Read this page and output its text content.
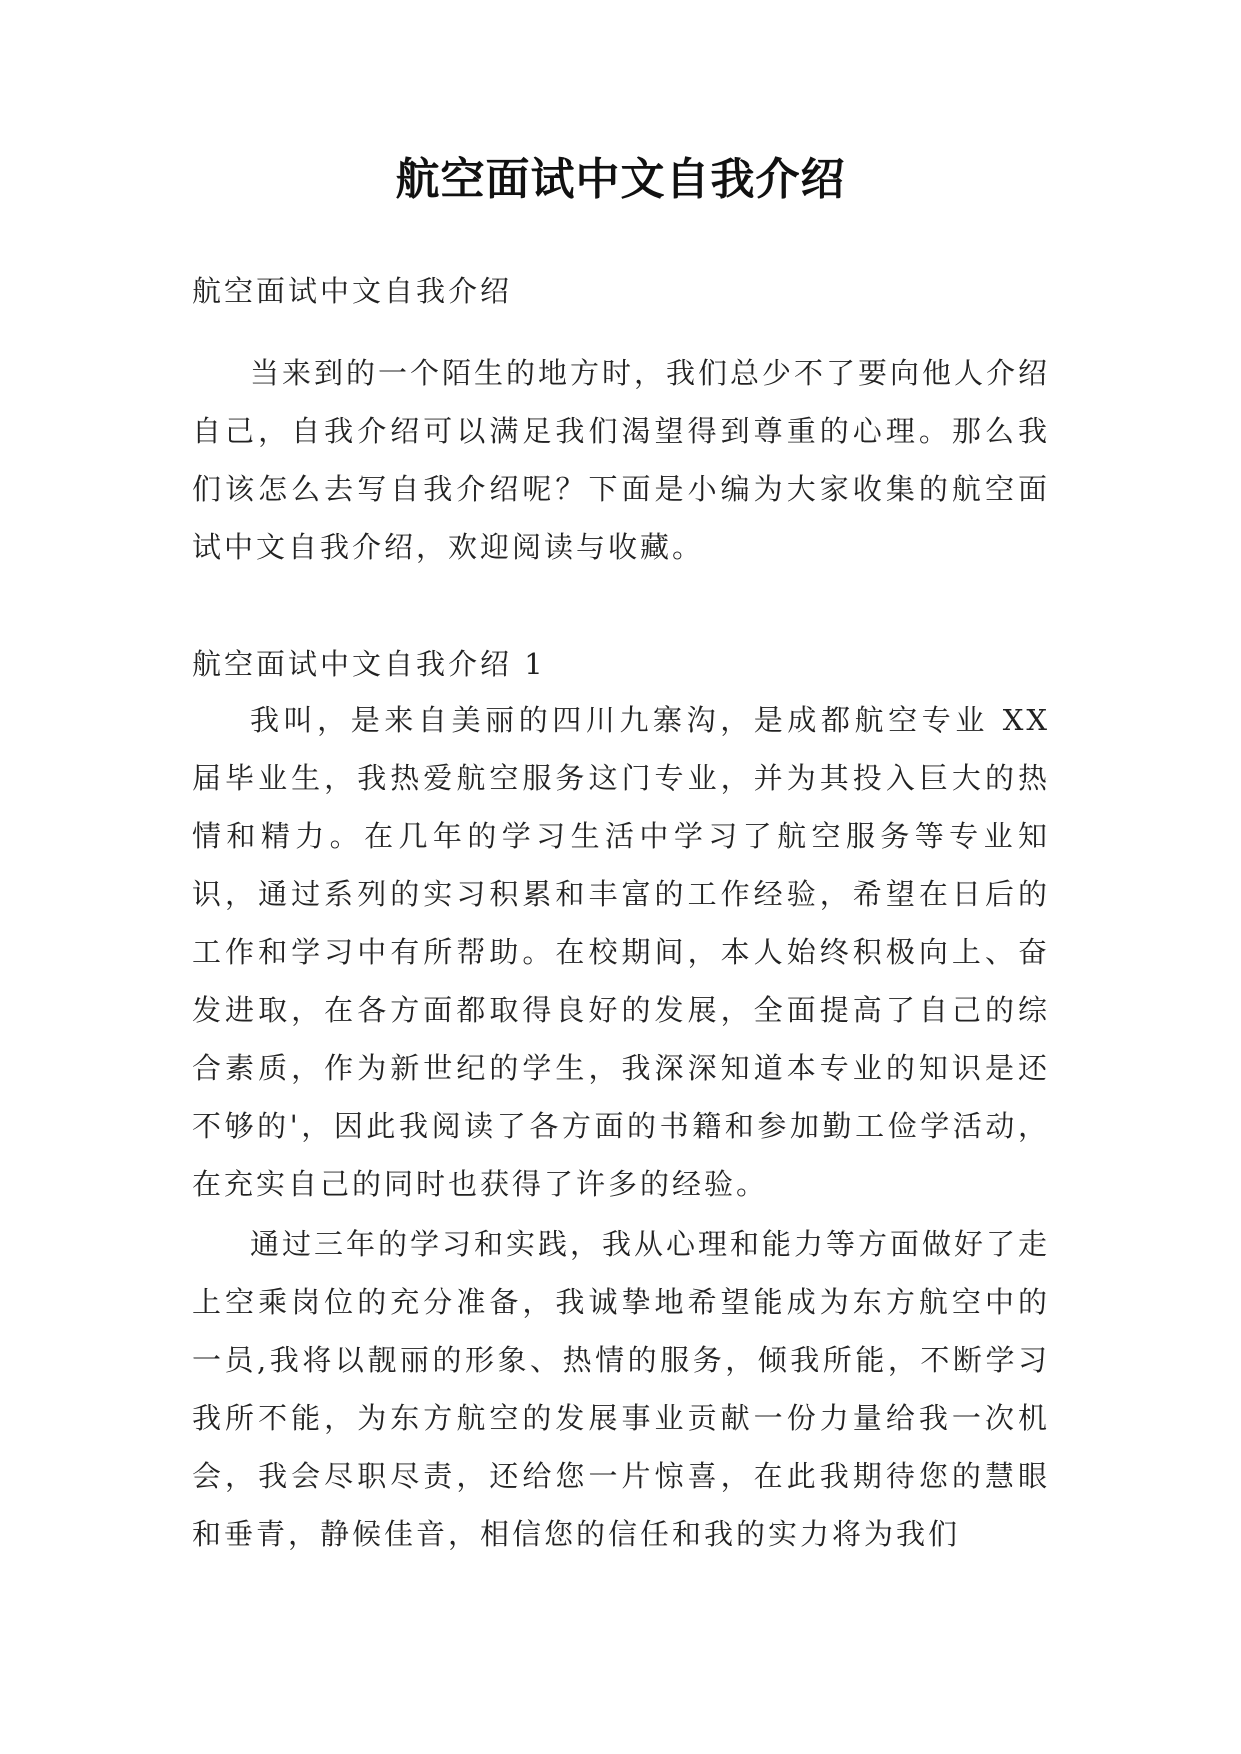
航空面试中文自我介绍

航空面试中文自我介绍

当来到的一个陌生的地方时，我们总少不了要向他人介绍自己，自我介绍可以满足我们渴望得到尊重的心理。那么我们该怎么去写自我介绍呢？下面是小编为大家收集的航空面试中文自我介绍，欢迎阅读与收藏。

航空面试中文自我介绍 1

我叫，是来自美丽的四川九寨沟，是成都航空专业 XX 届毕业生，我热爱航空服务这门专业，并为其投入巨大的热情和精力。在几年的学习生活中学习了航空服务等专业知识，通过系列的实习积累和丰富的工作经验，希望在日后的工作和学习中有所帮助。在校期间，本人始终积极向上、奋发进取，在各方面都取得良好的发展，全面提高了自己的综合素质，作为新世纪的学生，我深深知道本专业的知识是还不够的'，因此我阅读了各方面的书籍和参加勤工俭学活动，在充实自己的同时也获得了许多的经验。

通过三年的学习和实践，我从心理和能力等方面做好了走上空乘岗位的充分准备，我诚挚地希望能成为东方航空中的一员,我将以靓丽的形象、热情的服务，倾我所能，不断学习我所不能，为东方航空的发展事业贡献一份力量给我一次机会，我会尽职尽责，还给您一片惊喜，在此我期待您的慧眼和垂青，静候佳音，相信您的信任和我的实力将为我们
